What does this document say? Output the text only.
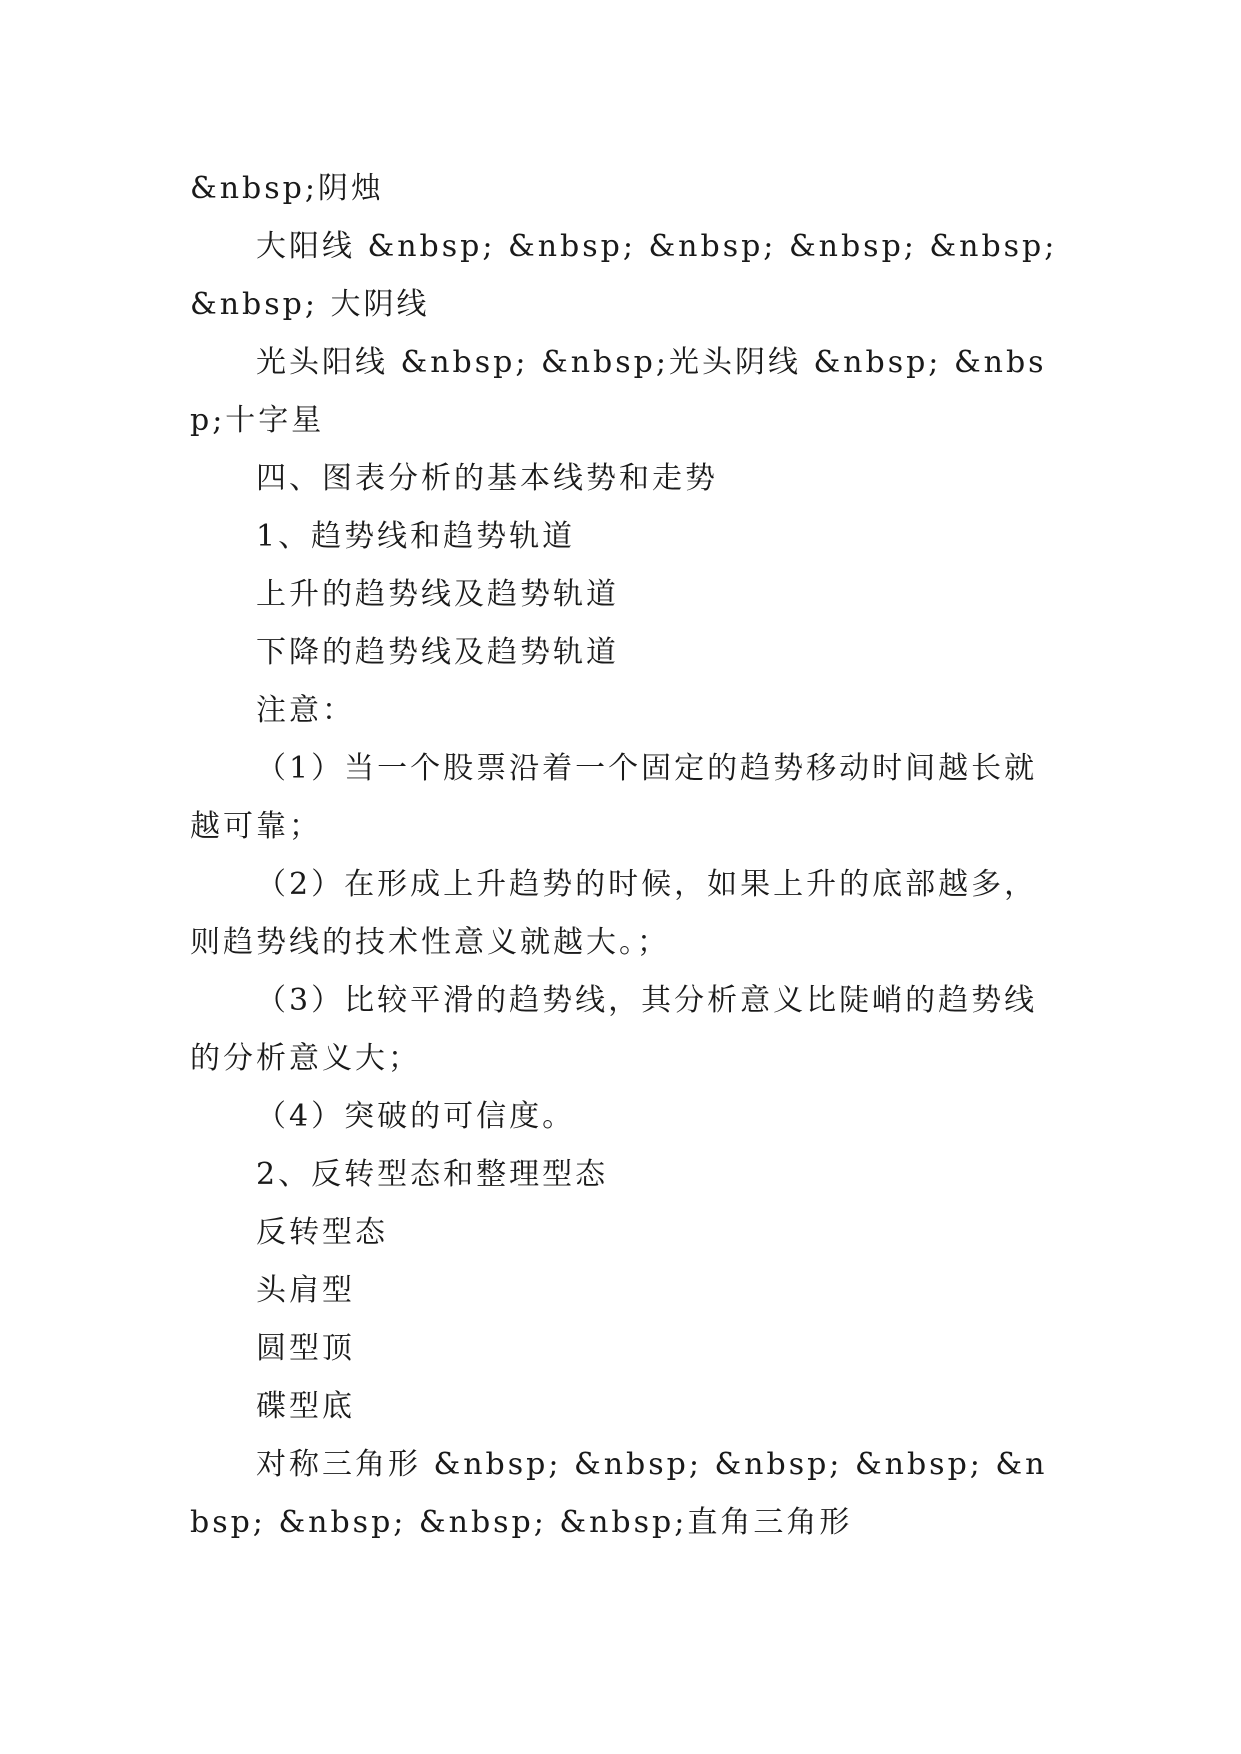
&nbsp;阴烛

大阳线 &nbsp; &nbsp; &nbsp; &nbsp; &nbsp; &nbsp; 大阴线

光头阳线 &nbsp; &nbsp;光头阴线 &nbsp; &nbsp;十字星

四、图表分析的基本线势和走势

1、趋势线和趋势轨道

上升的趋势线及趋势轨道

下降的趋势线及趋势轨道

注意：

（1）当一个股票沿着一个固定的趋势移动时间越长就越可靠；

（2）在形成上升趋势的时候，如果上升的底部越多，则趋势线的技术性意义就越大。；

（3）比较平滑的趋势线，其分析意义比陡峭的趋势线的分析意义大；

（4）突破的可信度。

2、反转型态和整理型态

反转型态

头肩型

圆型顶

碟型底

对称三角形 &nbsp; &nbsp; &nbsp; &nbsp; &nbsp; &nbsp; &nbsp; &nbsp;直角三角形
